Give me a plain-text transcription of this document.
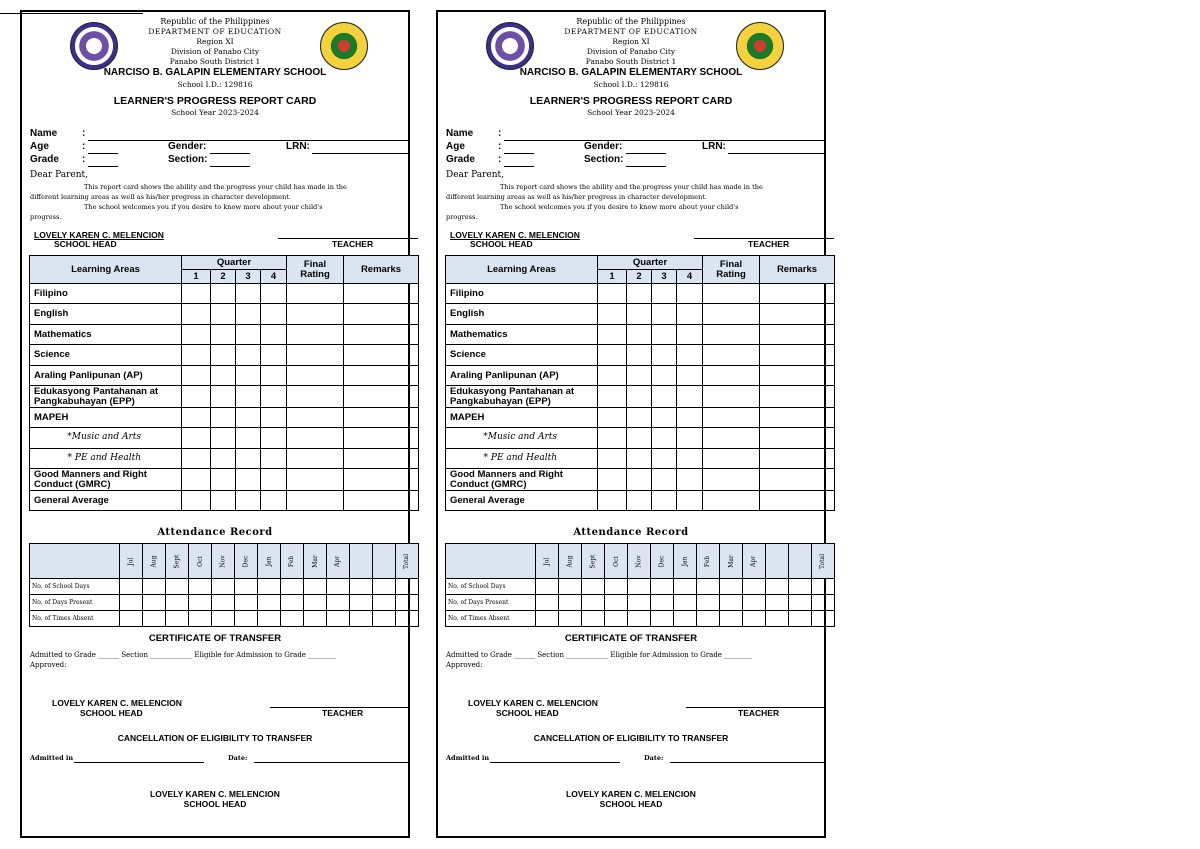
Republic of the Philippines
DEPARTMENT OF EDUCATION
Region XI
Division of Panabo City
Panabo South District 1
NARCISO B. GALAPIN ELEMENTARY SCHOOL
School I.D.: 129816
LEARNER'S PROGRESS REPORT CARD
School Year 2023-2024
Name :
Age	:	Gender:	LRN:
Grade :	Section:
Dear Parent,
This report card shows the ability and the progress your child has made in the
different learning areas as well as his/her progress in character development.
The school welcomes you if you desire to know more about your child's
progress.
LOVELY KAREN C. MELENCION
SCHOOL HEAD	TEACHER
Learning Areas	Quarter				Final Rating	Remarks
	1	2	3	4		
Filipino						
English						
Mathematics						
Science						
Araling Panlipunan (AP)						
Edukasyong Pantahanan at Pangkabuhayan (EPP)						
MAPEH						
*Music and Arts						
* PE and Health						
Good Manners and Right Conduct (GMRC)						
General Average						
Attendance Record
	Jul	Aug	Sept	Oct	Nov	Dec	Jan	Feb	Mar	Apr			Total
No. of School Days													
No. of Days Present													
No. of Times Absent													
CERTIFICATE OF TRANSFER
Admitted to Grade ______ Section ____________ Eligible for Admission to Grade ________
Approved:
LOVELY KAREN C. MELENCION
SCHOOL HEAD	TEACHER
CANCELLATION OF ELIGIBILITY TO TRANSFER
Admitted in	Date:
LOVELY KAREN C. MELENCION
SCHOOL HEAD
Republic of the Philippines
DEPARTMENT OF EDUCATION
Region XI
Division of Panabo City
Panabo South District 1
NARCISO B. GALAPIN ELEMENTARY SCHOOL
School I.D.: 129816
LEARNER'S PROGRESS REPORT CARD
School Year 2023-2024
Name :
Age	:	Gender:	LRN:
Grade :	Section:
Dear Parent,
This report card shows the ability and the progress your child has made in the
different learning areas as well as his/her progress in character development.
The school welcomes you if you desire to know more about your child's
progress.
LOVELY KAREN C. MELENCION
SCHOOL HEAD	TEACHER
Learning Areas	Quarter				Final Rating	Remarks
	1	2	3	4		
Filipino						
English						
Mathematics						
Science						
Araling Panlipunan (AP)						
Edukasyong Pantahanan at Pangkabuhayan (EPP)						
MAPEH						
*Music and Arts						
* PE and Health						
Good Manners and Right Conduct (GMRC)						
General Average						
Attendance Record
	Jul	Aug	Sept	Oct	Nov	Dec	Jan	Feb	Mar	Apr			Total
No. of School Days													
No. of Days Present													
No. of Times Absent													
CERTIFICATE OF TRANSFER
Admitted to Grade ______ Section ____________ Eligible for Admission to Grade ________
Approved:
LOVELY KAREN C. MELENCION
SCHOOL HEAD	TEACHER
CANCELLATION OF ELIGIBILITY TO TRANSFER
Admitted in	Date:
LOVELY KAREN C. MELENCION
SCHOOL HEAD
